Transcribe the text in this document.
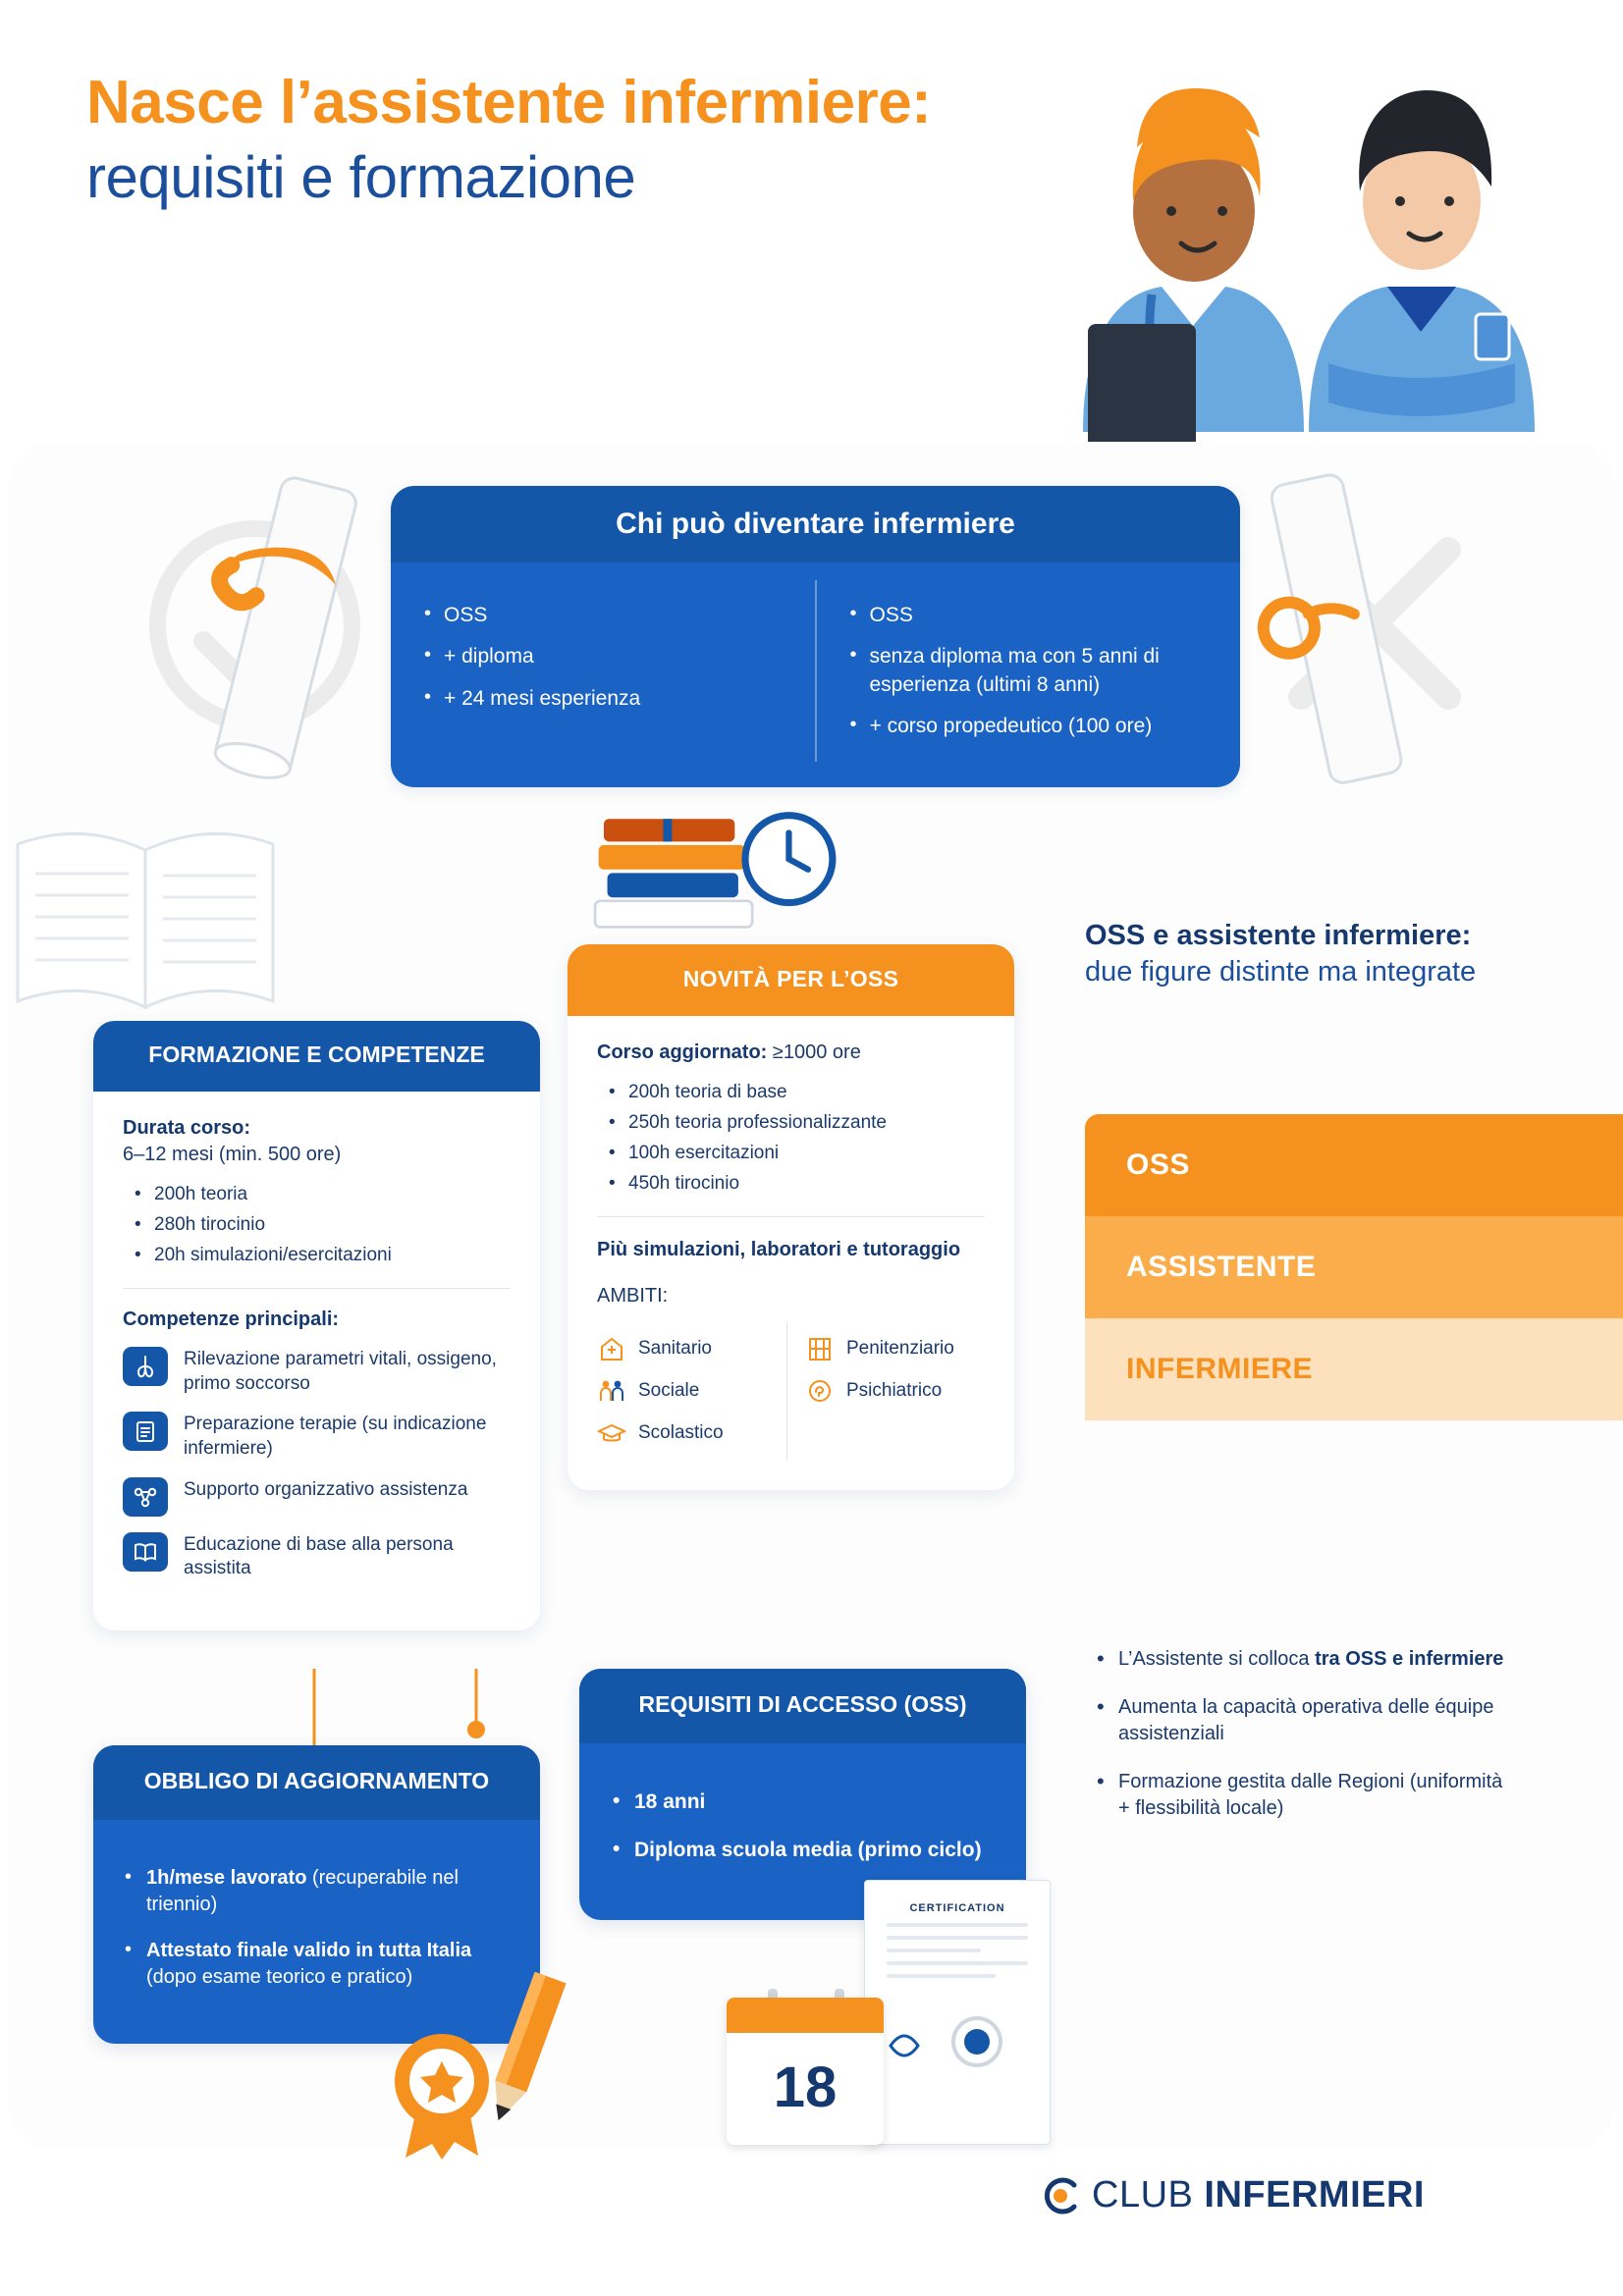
Nasce l’assistente infermiere:
requisiti e formazione
Chi può diventare infermiere
• OSS
• + diploma
• + 24 mesi esperienza
• OSS
• senza diploma ma con 5 anni di esperienza (ultimi 8 anni)
• + corso propedeutico (100 ore)
FORMAZIONE E COMPETENZE
Durata corso:
6–12 mesi (min. 500 ore)
• 200h teoria
• 280h tirocinio
• 20h simulazioni/esercitazioni
Competenze principali:
Rilevazione parametri vitali, ossigeno, primo soccorso
Preparazione terapie (su indicazione infermiere)
Supporto organizzativo assistenza
Educazione di base alla persona assistita
NOVITÀ PER L’OSS
Corso aggiornato: ≥1000 ore
• 200h teoria di base
• 250h teoria professionalizzante
• 100h esercitazioni
• 450h tirocinio
Più simulazioni, laboratori e tutoraggio
AMBITI:
Sanitario
Sociale
Scolastico
Penitenziario
Psichiatrico
OSS e assistente infermiere:
due figure distinte ma integrate
OSS
ASSISTENTE
INFERMIERE
• L’Assistente si colloca tra OSS e infermiere
• Aumenta la capacità operativa delle équipe assistenziali
• Formazione gestita dalle Regioni (uniformità + flessibilità locale)
OBBLIGO DI AGGIORNAMENTO
• 1h/mese lavorato (recuperabile nel triennio)
• Attestato finale valido in tutta Italia (dopo esame teorico e pratico)
REQUISITI DI ACCESSO (OSS)
• 18 anni
• Diploma scuola media (primo ciclo)
CERTIFICATION
18
CLUB INFERMIERI
